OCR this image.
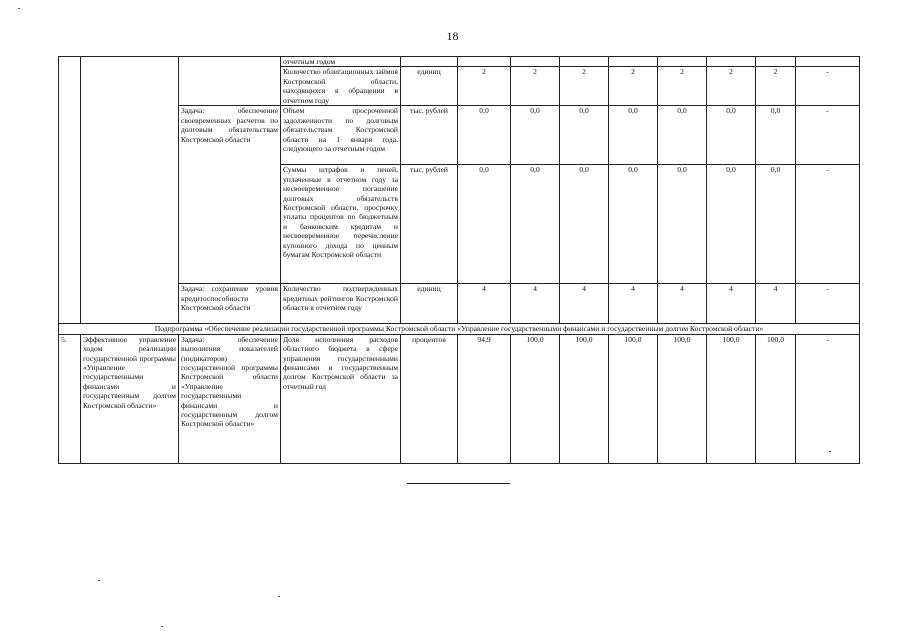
18
			отчетным годом									
			Количество облигационных займов Костромской области, находящихся в обращении в отчетном году	единиц	2	2	2	2	2	2	2	-
		Задача: обеспечение своевременных расчетов по долговым обязательствам Костромской области	Объем просроченной задолженности по долговым обязательствам Костромской области на 1 января года, следующего за отчетным годом	тыс. рублей	0,0	0,0	0,0	0,0	0,0	0,0	0,0	-
			Суммы штрафов и пеней, уплаченные в отчетном году за несвоевременное погашение долговых обязательств Костромской области, просрочку уплаты процентов по бюджетным и банковским кредитам и несвоевременное перечисление купонного дохода по ценным бумагам Костромской области	тыс. рублей	0,0	0,0	0,0	0,0	0,0	0,0	0,0	-
		Задача: сохранение уровня кредитоспособности Костромской области	Количество подтвержденных кредитных рейтингов Костромской области в отчетном году	единиц	4	4	4	4	4	4	4	-
Подпрограмма «Обеспечение реализации государственной программы Костромской области «Управление государственными финансами и государственным долгом Костромской области»												
5.	Эффективное управление ходом реализации государственной программы «Управление государственными финансами и государственным долгом Костромской области»	Задача: обеспечение выполнения показателей (индикаторов) государственной программы Костромской области «Управление государственными финансами и государственным долгом Костромской области»	Доля исполнения расходов областного бюджета в сфере управления государственными финансами и государственным долгом Костромской области за отчетный год	процентов	94,9	100,0	100,0	100,0	100,0	100,0	100,0	-
